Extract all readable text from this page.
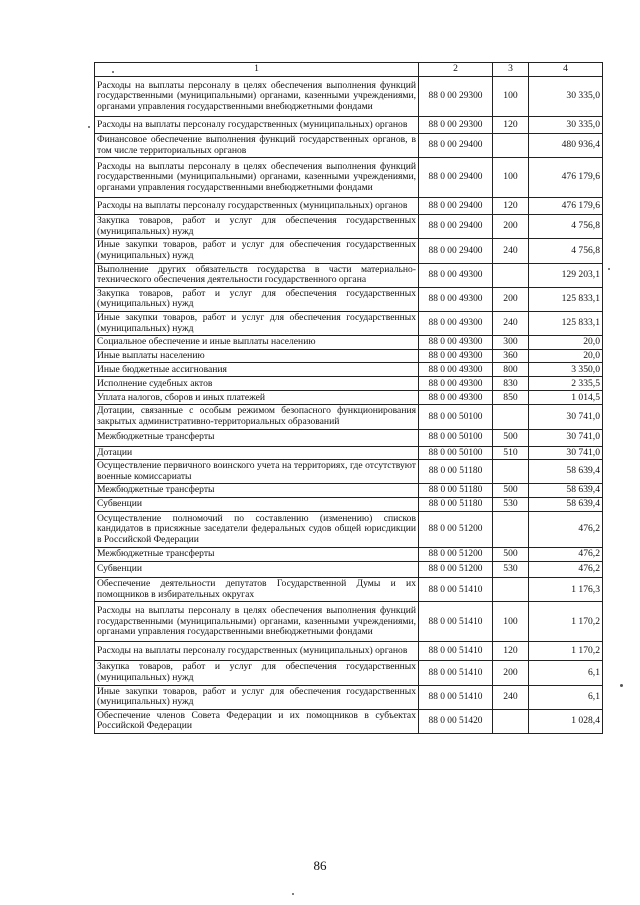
1	2	3	4
Расходы на выплаты персоналу в целях обеспечения выполнения функций государственными (муниципальными) органами, казенными учреждениями, органами управления государственными внебюджетными фондами	88 0 00 29300	100	30 335,0
Расходы на выплаты персоналу государственных (муниципальных) органов	88 0 00 29300	120	30 335,0
Финансовое обеспечение выполнения функций государственных органов, в том числе территориальных органов	88 0 00 29400		480 936,4
Расходы на выплаты персоналу в целях обеспечения выполнения функций государственными (муниципальными) органами, казенными учреждениями, органами управления государственными внебюджетными фондами	88 0 00 29400	100	476 179,6
Расходы на выплаты персоналу государственных (муниципальных) органов	88 0 00 29400	120	476 179,6
Закупка товаров, работ и услуг для обеспечения государственных (муниципальных) нужд	88 0 00 29400	200	4 756,8
Иные закупки товаров, работ и услуг для обеспечения государственных (муниципальных) нужд	88 0 00 29400	240	4 756,8
Выполнение других обязательств государства в части материально-технического обеспечения деятельности государственного органа	88 0 00 49300		129 203,1
Закупка товаров, работ и услуг для обеспечения государственных (муниципальных) нужд	88 0 00 49300	200	125 833,1
Иные закупки товаров, работ и услуг для обеспечения государственных (муниципальных) нужд	88 0 00 49300	240	125 833,1
Социальное обеспечение и иные выплаты населению	88 0 00 49300	300	20,0
Иные выплаты населению	88 0 00 49300	360	20,0
Иные бюджетные ассигнования	88 0 00 49300	800	3 350,0
Исполнение судебных актов	88 0 00 49300	830	2 335,5
Уплата налогов, сборов и иных платежей	88 0 00 49300	850	1 014,5
Дотации, связанные с особым режимом безопасного функционирования закрытых административно-территориальных образований	88 0 00 50100		30 741,0
Межбюджетные трансферты	88 0 00 50100	500	30 741,0
Дотации	88 0 00 50100	510	30 741,0
Осуществление первичного воинского учета на территориях, где отсутствуют военные комиссариаты	88 0 00 51180		58 639,4
Межбюджетные трансферты	88 0 00 51180	500	58 639,4
Субвенции	88 0 00 51180	530	58 639,4
Осуществление полномочий по составлению (изменению) списков кандидатов в присяжные заседатели федеральных судов общей юрисдикции в Российской Федерации	88 0 00 51200		476,2
Межбюджетные трансферты	88 0 00 51200	500	476,2
Субвенции	88 0 00 51200	530	476,2
Обеспечение деятельности депутатов Государственной Думы и их помощников в избирательных округах	88 0 00 51410		1 176,3
Расходы на выплаты персоналу в целях обеспечения выполнения функций государственными (муниципальными) органами, казенными учреждениями, органами управления государственными внебюджетными фондами	88 0 00 51410	100	1 170,2
Расходы на выплаты персоналу государственных (муниципальных) органов	88 0 00 51410	120	1 170,2
Закупка товаров, работ и услуг для обеспечения государственных (муниципальных) нужд	88 0 00 51410	200	6,1
Иные закупки товаров, работ и услуг для обеспечения государственных (муниципальных) нужд	88 0 00 51410	240	6,1
Обеспечение членов Совета Федерации и их помощников в субъектах Российской Федерации	88 0 00 51420		1 028,4
86
